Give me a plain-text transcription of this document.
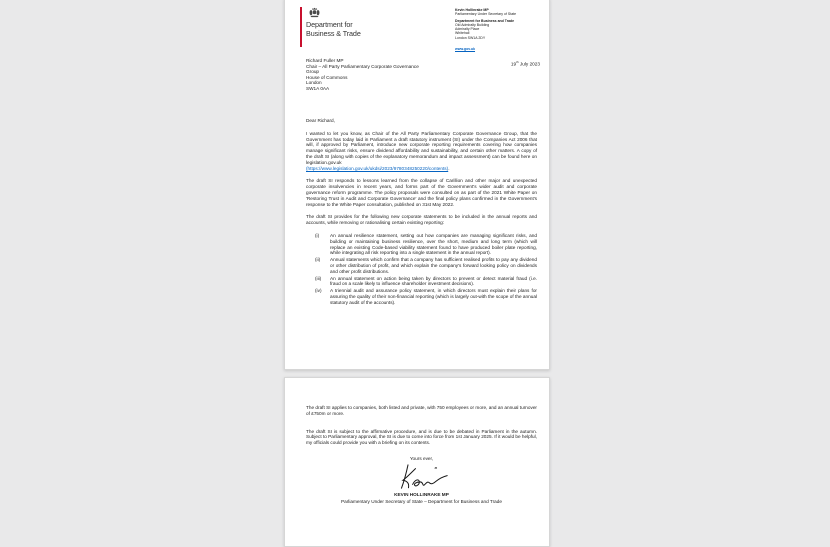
Department for
Business & Trade
Kevin Hollinrake MP
Parliamentary Under Secretary of State
Department for Business and Trade
Old Admiralty Building
Admiralty Place
Whitehall
London SW1A 2DY
www.gov.uk
Richard Fuller MP
Chair – All Party Parliamentary Corporate Governance
Group
House of Commons
London
SW1A 0AA
19th July 2023

Dear Richard,

I wanted to let you know, as Chair of the All Party Parliamentary Corporate Governance Group, that the Government has today laid in Parliament a draft statutory instrument (SI) under the Companies Act 2006 that will, if approved by Parliament, introduce new corporate reporting requirements covering how companies manage significant risks, ensure dividend affordability and sustainability, and certain other matters. A copy of the draft SI (along with copies of the explanatory memorandum and impact assessment) can be found here on legislation.gov.uk

(https://www.legislation.gov.uk/ukdsi/2023/9780348250220/contents).

The draft SI responds to lessons learned from the collapse of Carillion and other major and unexpected corporate insolvencies in recent years, and forms part of the Government's wider audit and corporate governance reform programme. The policy proposals were consulted on as part of the 2021 White Paper on 'Restoring Trust in Audit and Corporate Governance' and the final policy plans confirmed in the Government's response to the White Paper consultation, published on 31st May 2022.

The draft SI provides for the following new corporate statements to be included in the annual reports and accounts, while removing or rationalising certain existing reporting:

(i)	An annual resilience statement, setting out how companies are managing significant risks, and building or maintaining business resilience, over the short, medium and long term (which will replace an existing Code-based viability statement found to have produced boiler plate reporting, while integrating all risk reporting into a single statement in the annual report).
(ii)	Annual statements which confirm that a company has sufficient realised profits to pay any dividend or other distribution of profit, and which explain the company's forward looking policy on dividends and other profit distributions.
(iii)	An annual statement on action being taken by directors to prevent or detect material fraud (i.e. fraud on a scale likely to influence shareholder investment decisions).
(iv)	A triennial audit and assurance policy statement, in which directors must explain their plans for assuring the quality of their non-financial reporting (which is largely out-with the scope of the annual statutory audit of the accounts).

The draft SI applies to companies, both listed and private, with 750 employees or more, and an annual turnover of £750m or more.

The draft SI is subject to the affirmative procedure, and is due to be debated in Parliament in the autumn. Subject to Parliamentary approval, the SI is due to come into force from 1st January 2025. If it would be helpful, my officials could provide you with a briefing on its contents.

Yours ever,
KEVIN HOLLINRAKE MP
Parliamentary Under Secretary of State – Department for Business and Trade
